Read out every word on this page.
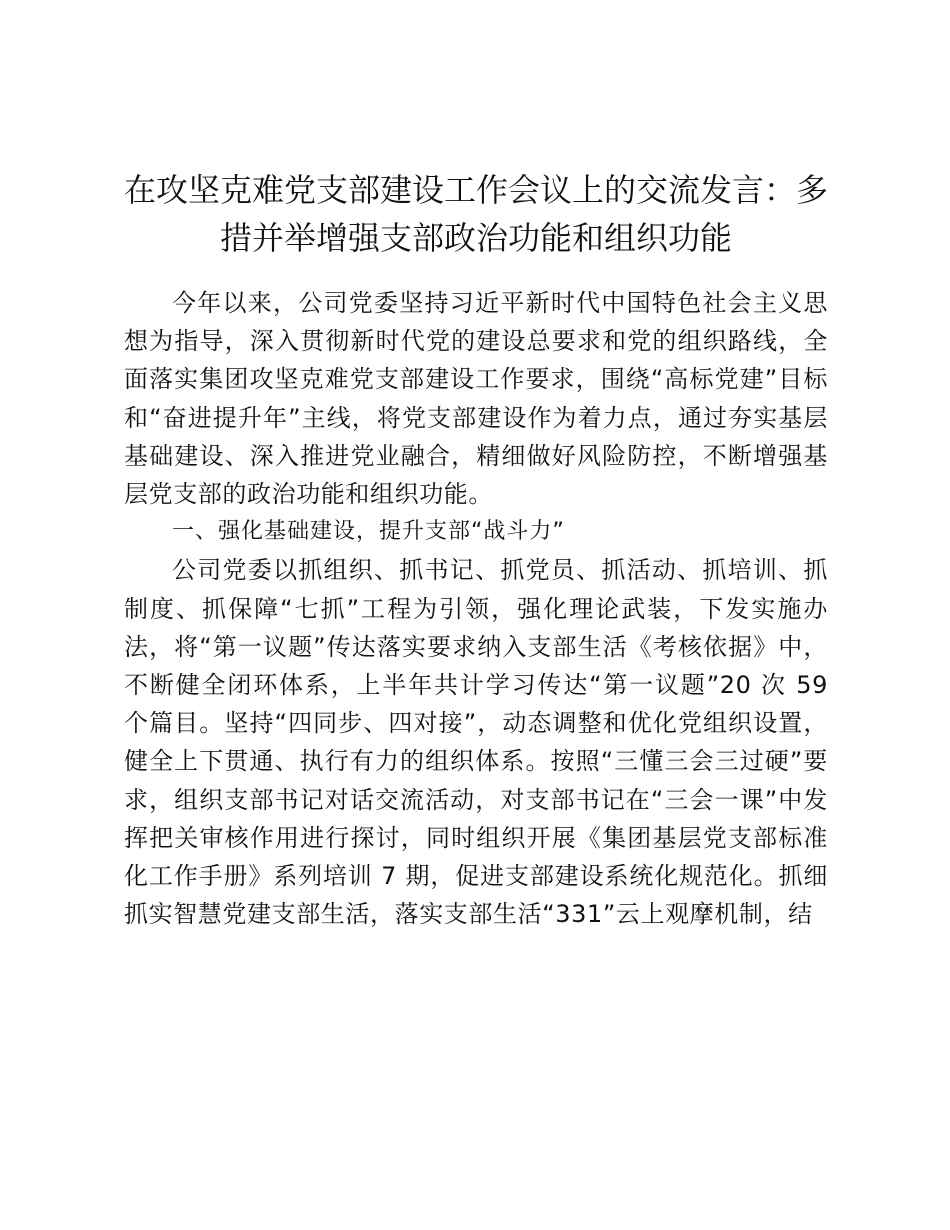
在攻坚克难党支部建设工作会议上的交流发言：多措并举增强支部政治功能和组织功能

今年以来，公司党委坚持习近平新时代中国特色社会主义思想为指导，深入贯彻新时代党的建设总要求和党的组织路线，全面落实集团攻坚克难党支部建设工作要求，围绕“高标党建”目标和“奋进提升年”主线，将党支部建设作为着力点，通过夯实基层基础建设、深入推进党业融合，精细做好风险防控，不断增强基层党支部的政治功能和组织功能。

一、强化基础建设，提升支部“战斗力”

公司党委以抓组织、抓书记、抓党员、抓活动、抓培训、抓制度、抓保障“七抓”工程为引领，强化理论武装，下发实施办法，将“第一议题”传达落实要求纳入支部生活《考核依据》中，不断健全闭环体系，上半年共计学习传达“第一议题”20 次 59 个篇目。坚持“四同步、四对接”，动态调整和优化党组织设置，健全上下贯通、执行有力的组织体系。按照“三懂三会三过硬”要求，组织支部书记对话交流活动，对支部书记在“三会一课”中发挥把关审核作用进行探讨，同时组织开展《集团基层党支部标准化工作手册》系列培训 7 期，促进支部建设系统化规范化。抓细抓实智慧党建支部生活，落实支部生活“331”云上观摩机制，结
